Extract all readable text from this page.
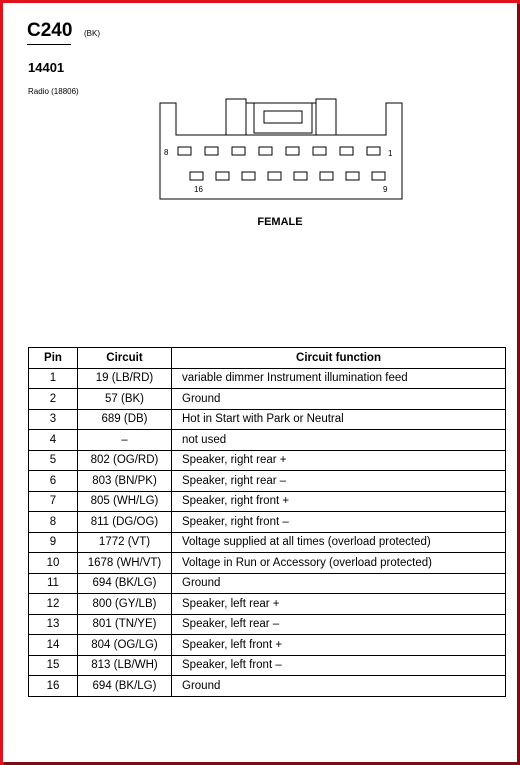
C240 (BK)
14401
Radio (18806)
8	1
16	9
FEMALE
Pin	Circuit	Circuit function
1	19 (LB/RD)	variable dimmer Instrument illumination feed
2	57 (BK)	Ground
3	689 (DB)	Hot in Start with Park or Neutral
4	–	not used
5	802 (OG/RD)	Speaker, right rear +
6	803 (BN/PK)	Speaker, right rear –
7	805 (WH/LG)	Speaker, right front +
8	811 (DG/OG)	Speaker, right front –
9	1772 (VT)	Voltage supplied at all times (overload protected)
10	1678 (WH/VT)	Voltage in Run or Accessory (overload protected)
11	694 (BK/LG)	Ground
12	800 (GY/LB)	Speaker, left rear +
13	801 (TN/YE)	Speaker, left rear –
14	804 (OG/LG)	Speaker, left front +
15	813 (LB/WH)	Speaker, left front –
16	694 (BK/LG)	Ground
